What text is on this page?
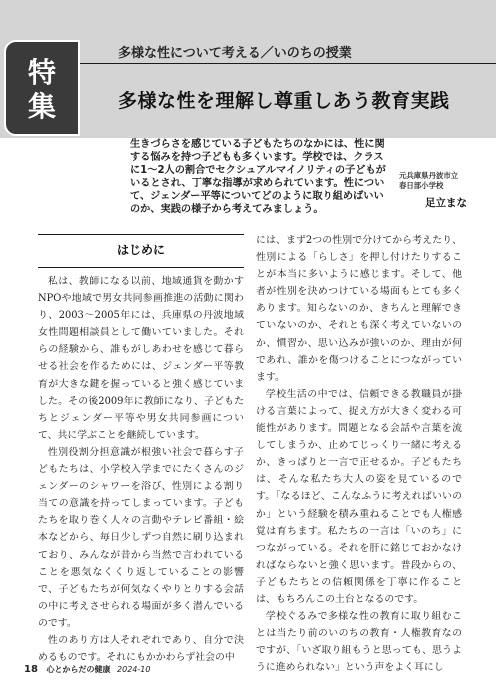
特
集
多様な性について考える／いのちの授業
多様な性を理解し尊重しあう教育実践
生きづらさを感じている子どもたちのなかには、性に関
する悩みを持つ子どもも多くいます。学校では、クラス
に1～2人の割合でセクシュアルマイノリティの子どもが
いるとされ、丁寧な指導が求められています。性につい
て、ジェンダー平等についてどのように取り組めばいい
のか、実践の様子から考えてみましょう。
元兵庫県丹波市立
春日部小学校
足立まな
はじめに

私は、教師になる以前、地域通貨を動かすNPOや地域で男女共同参画推進の活動に関わり、2003～2005年には、兵庫県の丹波地域女性問題相談員として働いていました。それらの経験から、誰もがしあわせを感じて暮らせる社会を作るためには、ジェンダー平等教育が大きな鍵を握っていると強く感じていました。その後2009年に教師になり、子どもたちとジェンダー平等や男女共同参画について、共に学ぶことを継続しています。

性別役割分担意識が根強い社会で暮らす子どもたちは、小学校入学までにたくさんのジェンダーのシャワーを浴び、性別による割り当ての意識を持ってしまっています。子どもたちを取り巻く人々の言動やテレビ番組・絵本などから、毎日少しずつ自然に刷り込まれており、みんなが昔から当然で言われていることを悪気なくくり返していることの影響で、子どもたちが何気なくやりとりする会話の中に考えさせられる場面が多く潜んでいるのです。

性のあり方は人それぞれであり、自分で決めるものです。それにもかかわらず社会の中

には、まず2つの性別で分けてから考えたり、性別による「らしさ」を押し付けたりすることが本当に多いように感じます。そして、他者が性別を決めつけている場面もとても多くあります。知らないのか、きちんと理解できていないのか、それとも深く考えていないのか、慣習か、思い込みが強いのか、理由が何であれ、誰かを傷つけることにつながっています。

学校生活の中では、信頼できる教職員が掛ける言葉によって、捉え方が大きく変わる可能性があります。問題となる会話や言葉を流してしまうか、止めてじっくり一緒に考えるか、きっぱりと一言で正せるか。子どもたちは、そんな私たち大人の姿を見ているのです。「なるほど、こんなふうに考えればいいのか」という経験を積み重ねることでも人権感覚は育ちます。私たちの一言は「いのち」につながっている。それを肝に銘じておかなければならないと強く思います。普段からの、子どもたちとの信頼関係を丁寧に作ることは、もちろんこの土台となるのです。

学校ぐるみで多様な性の教育に取り組むことは当たり前のいのちの教育・人権教育なのですが、「いざ取り組もうと思っても、思うように進められない」という声をよく耳にし

18 心とからだの健康 2024-10
